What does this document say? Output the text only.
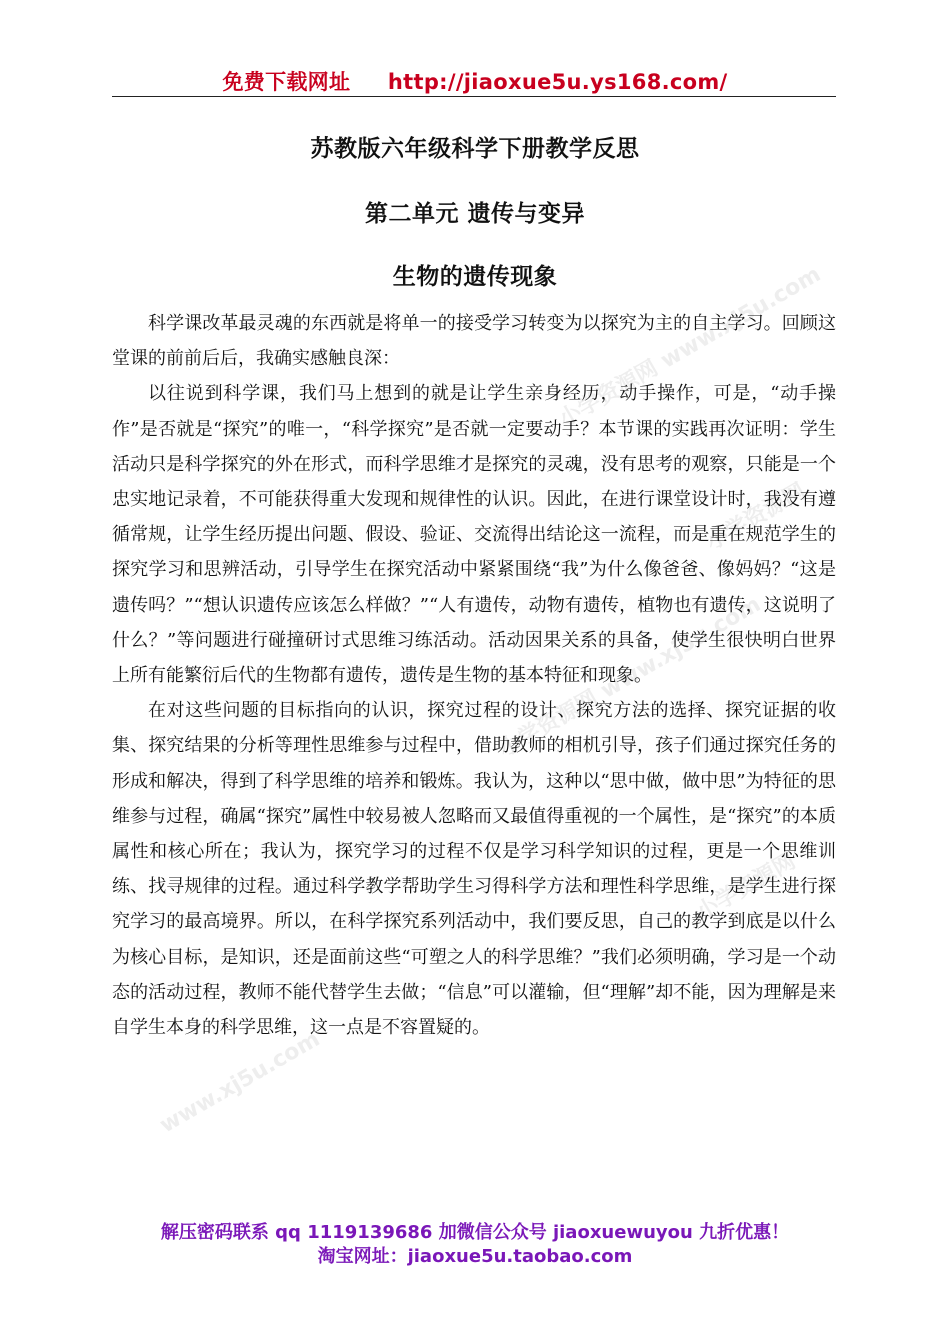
小学资源网 www.xj5u.com
小学资源网
小学资源网 www.xj5u.com
小学资源网
www.xj5u.com
免费下载网址 http://jiaoxue5u.ys168.com/
苏教版六年级科学下册教学反思
第二单元 遗传与变异
生物的遗传现象

科学课改革最灵魂的东西就是将单一的接受学习转变为以探究为主的自主学习。回顾这堂课的前前后后，我确实感触良深：

以往说到科学课，我们马上想到的就是让学生亲身经历，动手操作，可是，“动手操作”是否就是“探究”的唯一，“科学探究”是否就一定要动手？本节课的实践再次证明：学生活动只是科学探究的外在形式，而科学思维才是探究的灵魂，没有思考的观察，只能是一个忠实地记录着，不可能获得重大发现和规律性的认识。因此，在进行课堂设计时，我没有遵循常规，让学生经历提出问题、假设、验证、交流得出结论这一流程，而是重在规范学生的探究学习和思辨活动，引导学生在探究活动中紧紧围绕“我”为什么像爸爸、像妈妈？“这是遗传吗？”“想认识遗传应该怎么样做？”“人有遗传，动物有遗传，植物也有遗传，这说明了什么？”等问题进行碰撞研讨式思维习练活动。活动因果关系的具备，使学生很快明白世界上所有能繁衍后代的生物都有遗传，遗传是生物的基本特征和现象。

在对这些问题的目标指向的认识，探究过程的设计、探究方法的选择、探究证据的收集、探究结果的分析等理性思维参与过程中，借助教师的相机引导，孩子们通过探究任务的形成和解决，得到了科学思维的培养和锻炼。我认为，这种以“思中做，做中思”为特征的思维参与过程，确属“探究”属性中较易被人忽略而又最值得重视的一个属性，是“探究”的本质属性和核心所在；我认为，探究学习的过程不仅是学习科学知识的过程，更是一个思维训练、找寻规律的过程。通过科学教学帮助学生习得科学方法和理性科学思维，是学生进行探究学习的最高境界。所以，在科学探究系列活动中，我们要反思，自己的教学到底是以什么为核心目标，是知识，还是面前这些“可塑之人的科学思维？”我们必须明确，学习是一个动态的活动过程，教师不能代替学生去做；“信息”可以灌输，但“理解”却不能，因为理解是来自学生本身的科学思维，这一点是不容置疑的。

解压密码联系 qq 1119139686 加微信公众号 jiaoxuewuyou 九折优惠！
淘宝网址：jiaoxue5u.taobao.com
